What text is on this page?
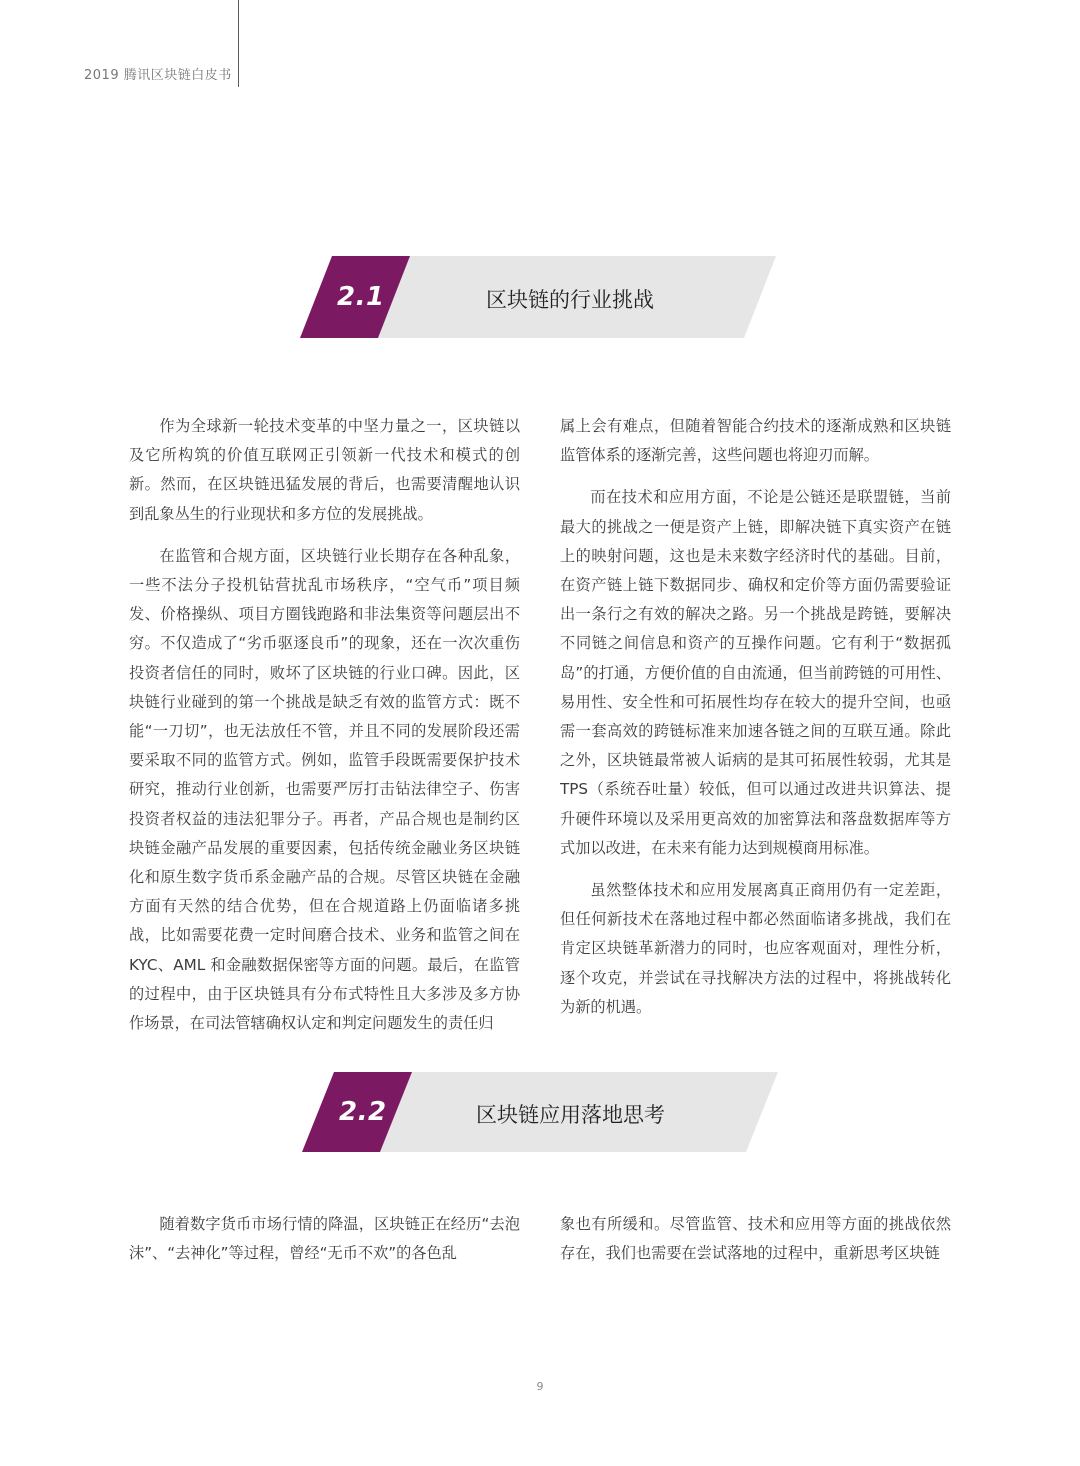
2019 腾讯区块链白皮书
2.1	区块链的行业挑战

作为全球新一轮技术变革的中坚力量之一，区块链以及它所构筑的价值互联网正引领新一代技术和模式的创新。然而，在区块链迅猛发展的背后，也需要清醒地认识到乱象丛生的行业现状和多方位的发展挑战。

在监管和合规方面，区块链行业长期存在各种乱象，一些不法分子投机钻营扰乱市场秩序，“空气币”项目频发、价格操纵、项目方圈钱跑路和非法集资等问题层出不穷。不仅造成了“劣币驱逐良币”的现象，还在一次次重伤投资者信任的同时，败坏了区块链的行业口碑。因此，区块链行业碰到的第一个挑战是缺乏有效的监管方式：既不能“一刀切”，也无法放任不管，并且不同的发展阶段还需要采取不同的监管方式。例如，监管手段既需要保护技术研究，推动行业创新，也需要严厉打击钻法律空子、伤害投资者权益的违法犯罪分子。再者，产品合规也是制约区块链金融产品发展的重要因素，包括传统金融业务区块链化和原生数字货币系金融产品的合规。尽管区块链在金融方面有天然的结合优势，但在合规道路上仍面临诸多挑战，比如需要花费一定时间磨合技术、业务和监管之间在 KYC、AML 和金融数据保密等方面的问题。最后，在监管的过程中，由于区块链具有分布式特性且大多涉及多方协作场景，在司法管辖确权认定和判定问题发生的责任归

属上会有难点，但随着智能合约技术的逐渐成熟和区块链监管体系的逐渐完善，这些问题也将迎刃而解。

而在技术和应用方面，不论是公链还是联盟链，当前最大的挑战之一便是资产上链，即解决链下真实资产在链上的映射问题，这也是未来数字经济时代的基础。目前，在资产链上链下数据同步、确权和定价等方面仍需要验证出一条行之有效的解决之路。另一个挑战是跨链，要解决不同链之间信息和资产的互操作问题。它有利于“数据孤岛”的打通，方便价值的自由流通，但当前跨链的可用性、易用性、安全性和可拓展性均存在较大的提升空间，也亟需一套高效的跨链标准来加速各链之间的互联互通。除此之外，区块链最常被人诟病的是其可拓展性较弱，尤其是 TPS（系统吞吐量）较低，但可以通过改进共识算法、提升硬件环境以及采用更高效的加密算法和落盘数据库等方式加以改进，在未来有能力达到规模商用标准。

虽然整体技术和应用发展离真正商用仍有一定差距，但任何新技术在落地过程中都必然面临诸多挑战，我们在肯定区块链革新潜力的同时，也应客观面对，理性分析，逐个攻克，并尝试在寻找解决方法的过程中，将挑战转化为新的机遇。

2.2	区块链应用落地思考

随着数字货币市场行情的降温，区块链正在经历“去泡沫”、“去神化”等过程，曾经“无币不欢”的各色乱

象也有所缓和。尽管监管、技术和应用等方面的挑战依然存在，我们也需要在尝试落地的过程中，重新思考区块链

9
